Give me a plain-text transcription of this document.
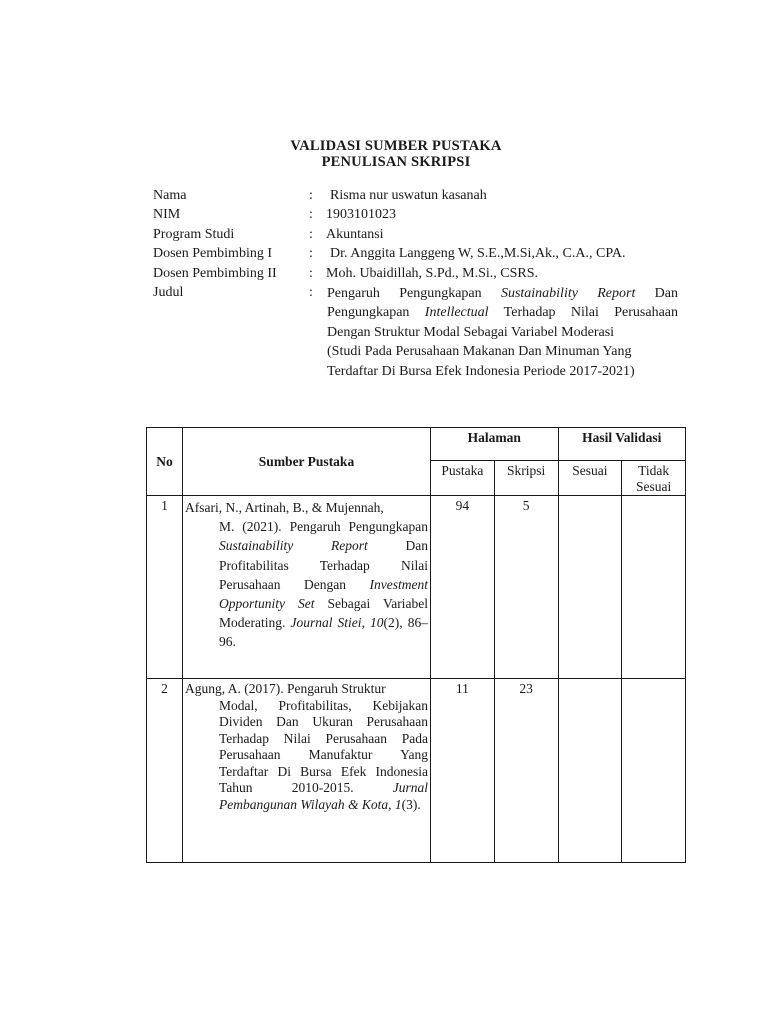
VALIDASI SUMBER PUSTAKA
PENULISAN SKRIPSI
Nama	: Risma nur uswatun kasanah
NIM	: 1903101023
Program Studi	: Akuntansi
Dosen Pembimbing I	: Dr. Anggita Langgeng W, S.E.,M.Si,Ak., C.A., CPA.
Dosen Pembimbing II : Moh. Ubaidillah, S.Pd., M.Si., CSRS.
Judul	: Pengaruh Pengungkapan Sustainability Report Dan
Pengungkapan Intellectual Terhadap Nilai Perusahaan
Dengan Struktur Modal Sebagai Variabel Moderasi
(Studi Pada Perusahaan Makanan Dan Minuman Yang
Terdaftar Di Bursa Efek Indonesia Periode 2017-2021)
No	Sumber Pustaka	Halaman		Hasil Validasi	
		Pustaka	Skripsi	Sesuai	Tidak Sesuai
1	Afsari, N., Artinah, B., & Mujennah,
M. (2021). Pengaruh Pengungkapan Sustainability Report Dan Profitabilitas Terhadap Nilai Perusahaan Dengan Investment Opportunity Set Sebagai Variabel Moderating. Journal Stiei, 10(2), 86–96.	94	5		
2	Agung, A. (2017). Pengaruh Struktur
Modal, Profitabilitas, Kebijakan Dividen Dan Ukuran Perusahaan Terhadap Nilai Perusahaan Pada Perusahaan Manufaktur Yang Terdaftar Di Bursa Efek Indonesia Tahun 2010-2015. Jurnal Pembangunan Wilayah & Kota, 1(3).	11	23		
